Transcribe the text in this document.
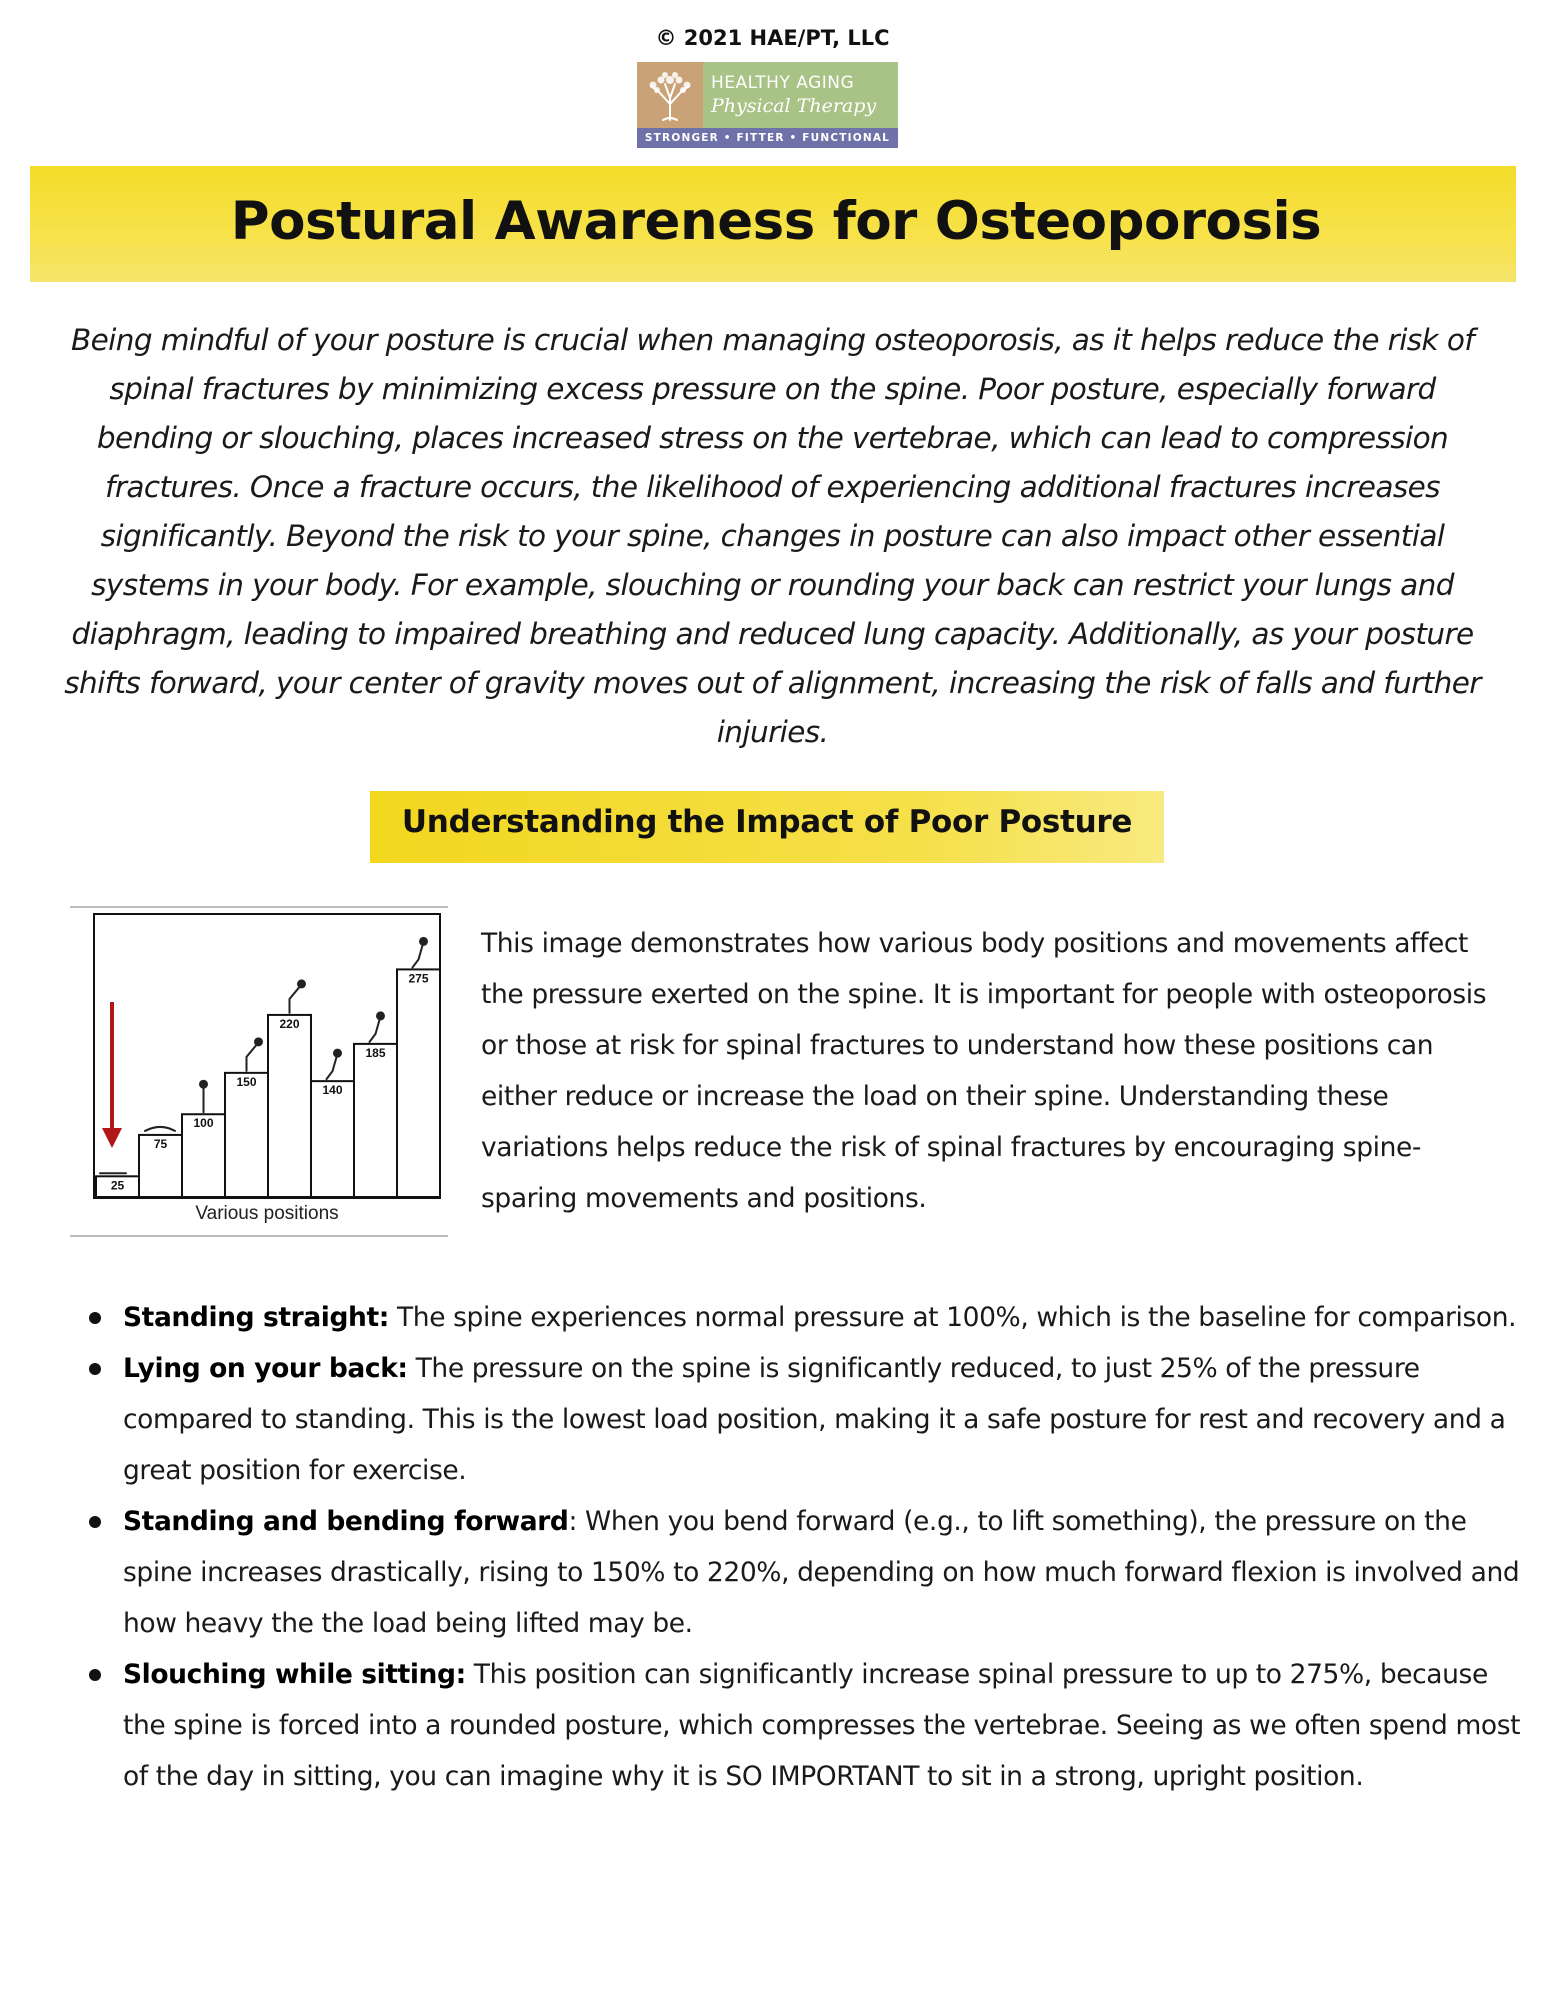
© 2021 HAE/PT, LLC
HEALTHY AGING
Physical Therapy
STRONGER • FITTER • FUNCTIONAL
Postural Awareness for Osteoporosis

Being mindful of your posture is crucial when managing osteoporosis, as it helps reduce the risk of spinal fractures by minimizing excess pressure on the spine. Poor posture, especially forward bending or slouching, places increased stress on the vertebrae, which can lead to compression fractures. Once a fracture occurs, the likelihood of experiencing additional fractures increases significantly. Beyond the risk to your spine, changes in posture can also impact other essential systems in your body. For example, slouching or rounding your back can restrict your lungs and diaphragm, leading to impaired breathing and reduced lung capacity. Additionally, as your posture shifts forward, your center of gravity moves out of alignment, increasing the risk of falls and further injuries.

Understanding the Impact of Poor Posture
25
75
100
150
220
140
185
275
Various positions

This image demonstrates how various body positions and movements affect the pressure exerted on the spine. It is important for people with osteoporosis or those at risk for spinal fractures to understand how these positions can either reduce or increase the load on their spine. Understanding these variations helps reduce the risk of spinal fractures by encouraging spine-sparing movements and positions.

Standing straight: The spine experiences normal pressure at 100%, which is the baseline for comparison.
Lying on your back: The pressure on the spine is significantly reduced, to just 25% of the pressure compared to standing. This is the lowest load position, making it a safe posture for rest and recovery and a great position for exercise.
Standing and bending forward: When you bend forward (e.g., to lift something), the pressure on the spine increases drastically, rising to 150% to 220%, depending on how much forward flexion is involved and how heavy the the load being lifted may be.
Slouching while sitting: This position can significantly increase spinal pressure to up to 275%, because the spine is forced into a rounded posture, which compresses the vertebrae. Seeing as we often spend most of the day in sitting, you can imagine why it is SO IMPORTANT to sit in a strong, upright position.
